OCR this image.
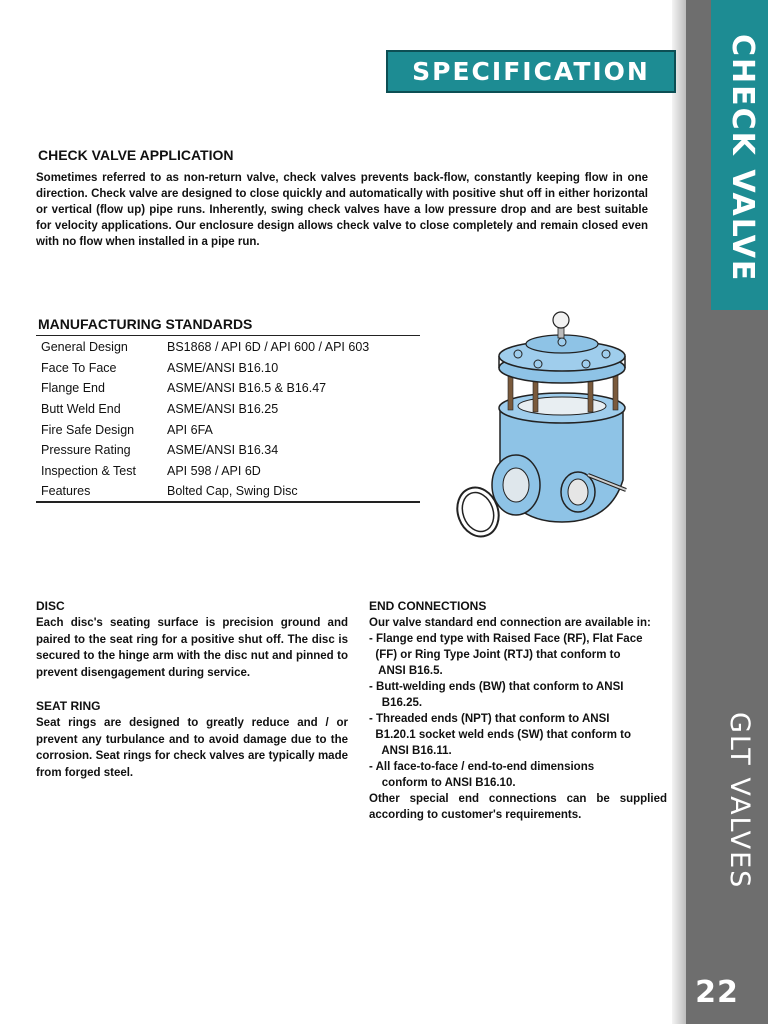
CHECK VALVE
GLT VALVES
22
SPECIFICATION
CHECK VALVE APPLICATION

Sometimes referred to as non-return valve, check valves prevents back-flow, constantly keeping flow in one direction. Check valve are designed to close quickly and automatically with positive shut off in either horizontal or vertical (flow up) pipe runs. Inherently, swing check valves have a low pressure drop and are best suitable for velocity applications. Our enclosure design allows check valve to close completely and remain closed even with no flow when installed in a pipe run.

MANUFACTURING STANDARDS
General Design	BS1868 / API 6D / API 600 / API 603
Face To Face	ASME/ANSI B16.10
Flange End	ASME/ANSI B16.5 & B16.47
Butt Weld End	ASME/ANSI B16.25
Fire Safe Design	API 6FA
Pressure Rating	ASME/ANSI B16.34
Inspection & Test	API 598 / API 6D
Features	Bolted Cap, Swing Disc
DISC

Each disc's seating surface is precision ground and paired to the seat ring for a positive shut off. The disc is secured to the hinge arm with the disc nut and pinned to prevent disengagement during service.

SEAT RING

Seat rings are designed to greatly reduce and / or prevent any turbulance and to avoid damage due to the corrosion. Seat rings for check valves are typically made from forged steel.

END CONNECTIONS
Our valve standard end connection are available in:
- Flange end type with Raised Face (RF), Flat Face
(FF) or Ring Type Joint (RTJ) that conform to
ANSI B16.5.
- Butt-welding ends (BW) that conform to ANSI
B16.25.
- Threaded ends (NPT) that conform to ANSI
B1.20.1 socket weld ends (SW) that conform to
ANSI B16.11.
- All face-to-face / end-to-end dimensions
conform to ANSI B16.10.
Other special end connections can be supplied according to customer's requirements.
